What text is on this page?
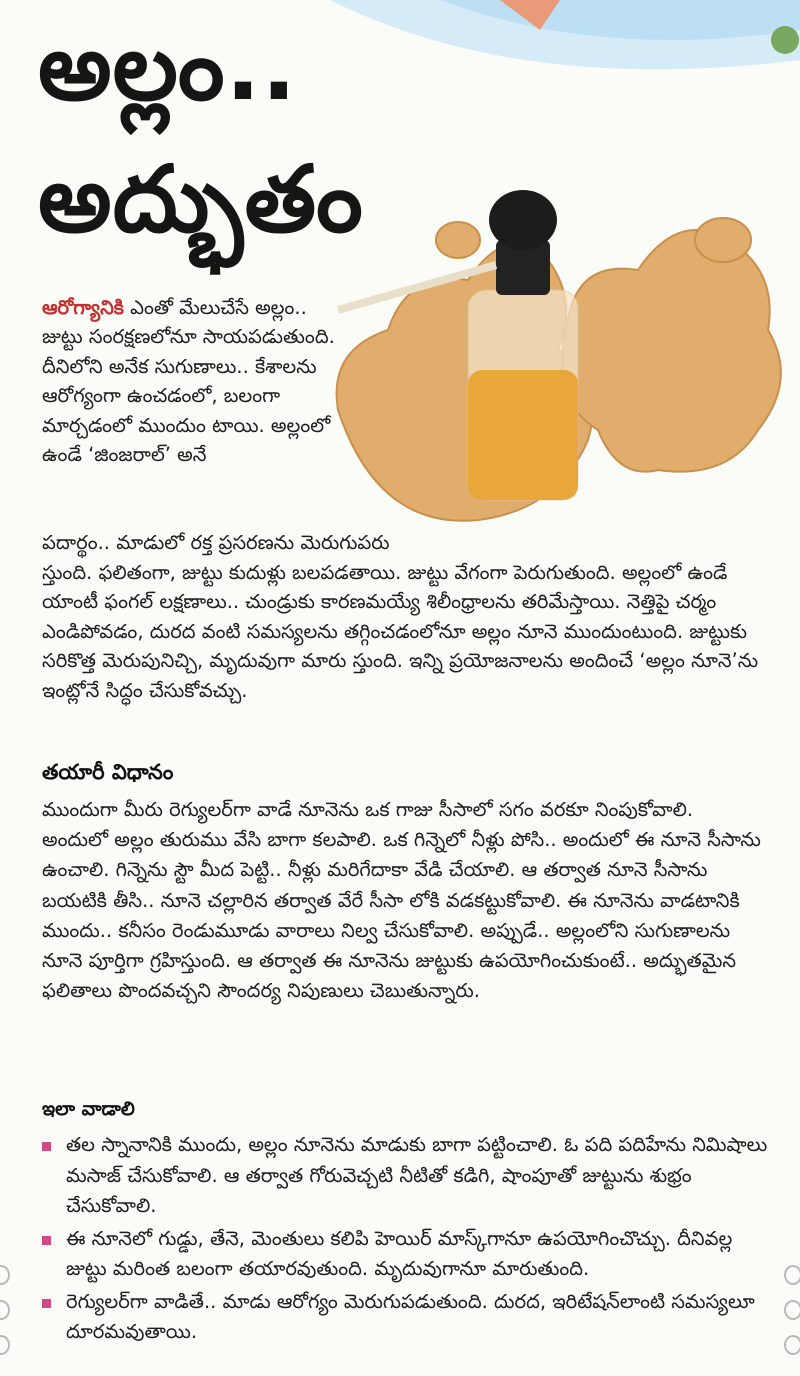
అల్లం..
అద్భుతం
ఆరోగ్యానికి ఎంతో మేలుచేసే అల్లం.. జుట్టు సంరక్షణలోనూ సాయపడుతుంది. దీనిలోని అనేక సుగుణాలు.. కేశాలను ఆరోగ్యంగా ఉంచడంలో, బలంగా మార్చడంలో ముందుం టాయి. అల్లంలో ఉండే ‘జింజరాల్’ అనే
పదార్థం.. మాడులో రక్త ప్రసరణను మెరుగుపరు
స్తుంది. ఫలితంగా, జుట్టు కుదుళ్లు బలపడతాయి. జుట్టు వేగంగా పెరుగుతుంది. అల్లంలో ఉండే యాంటీ ఫంగల్ లక్షణాలు.. చుండ్రుకు కారణమయ్యే శిలీంధ్రాలను తరిమేస్తాయి. నెత్తిపై చర్మం ఎండిపోవడం, దురద వంటి సమస్యలను తగ్గించడంలోనూ అల్లం నూనె ముందుంటుంది. జుట్టుకు సరికొత్త మెరుపునిచ్చి, మృదువుగా మారు స్తుంది. ఇన్ని ప్రయోజనాలను అందించే ‘అల్లం నూనె’ను ఇంట్లోనే సిద్ధం చేసుకోవచ్చు.
తయారీ విధానం
ముందుగా మీరు రెగ్యులర్‌గా వాడే నూనెను ఒక గాజు సీసాలో సగం వరకూ నింపుకోవాలి. అందులో అల్లం తురుము వేసి బాగా కలపాలి. ఒక గిన్నెలో నీళ్లు పోసి.. అందులో ఈ నూనె సీసాను ఉంచాలి. గిన్నెను స్టౌ మీద పెట్టి.. నీళ్లు మరిగేదాకా వేడి చేయాలి. ఆ తర్వాత నూనె సీసాను బయటికి తీసి.. నూనె చల్లారిన తర్వాత వేరే సీసా లోకి వడకట్టుకోవాలి. ఈ నూనెను వాడటానికి ముందు.. కనీసం రెండుమూడు వారాలు నిల్వ చేసుకోవాలి. అప్పుడే.. అల్లంలోని సుగుణాలను నూనె పూర్తిగా గ్రహిస్తుంది. ఆ తర్వాత ఈ నూనెను జుట్టుకు ఉపయోగించుకుంటే.. అద్భుతమైన ఫలితాలు పొందవచ్చని సౌందర్య నిపుణులు చెబుతున్నారు.
ఇలా వాడాలి
తల స్నానానికి ముందు, అల్లం నూనెను మాడుకు బాగా పట్టించాలి. ఓ పది పదిహేను నిమిషాలు మసాజ్ చేసుకోవాలి. ఆ తర్వాత గోరువెచ్చటి నీటితో కడిగి, షాంపూతో జుట్టును శుభ్రం చేసుకోవాలి.
ఈ నూనెలో గుడ్డు, తేనె, మెంతులు కలిపి హెయిర్ మాస్క్‌గానూ ఉపయోగించొచ్చు. దీనివల్ల జుట్టు మరింత బలంగా తయారవుతుంది. మృదువుగానూ మారుతుంది.
రెగ్యులర్‌గా వాడితే.. మాడు ఆరోగ్యం మెరుగుపడుతుంది. దురద, ఇరిటేషన్‌లాంటి సమస్యలూ దూరమవుతాయి.
